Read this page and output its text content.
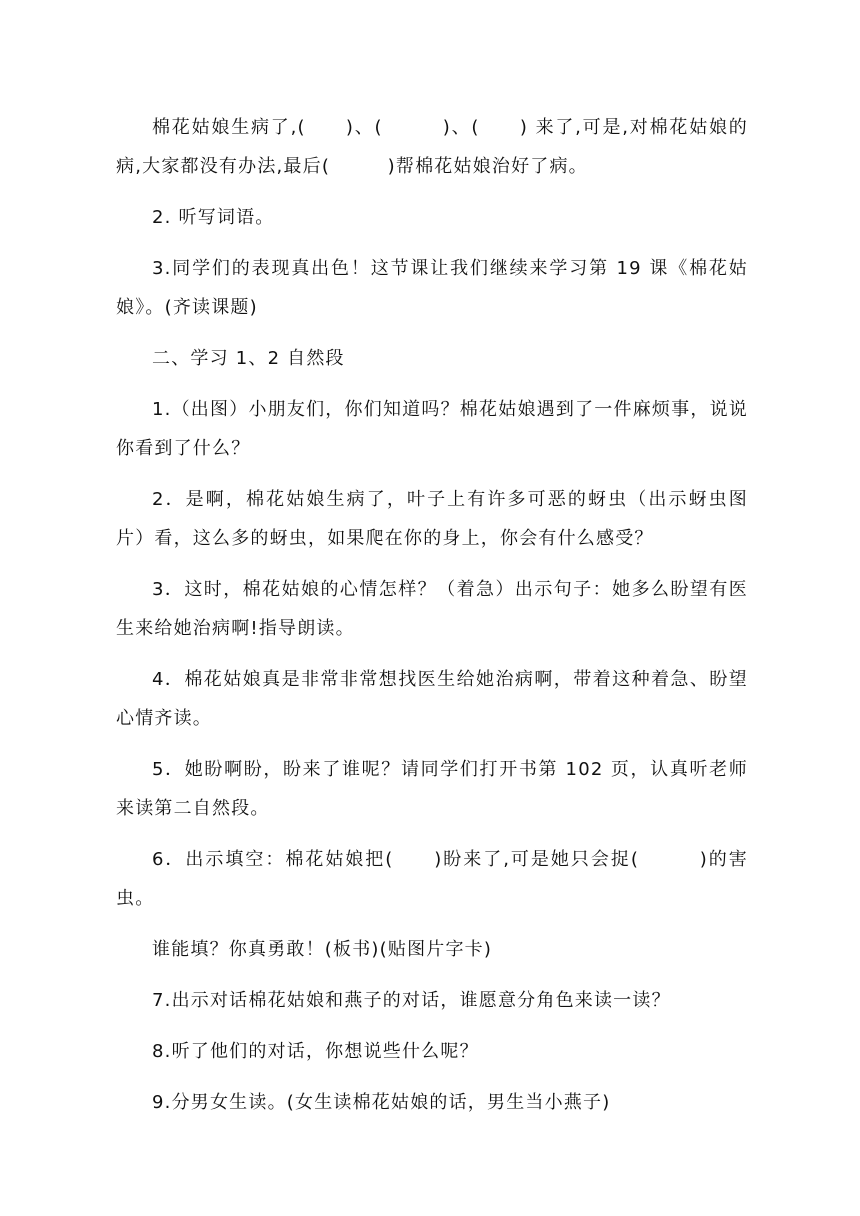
棉花姑娘生病了,(　　)、(　　　)、(　　) 来了,可是,对棉花姑娘的病,大家都没有办法,最后(　　　)帮棉花姑娘治好了病。

2. 听写词语。

3.同学们的表现真出色！这节课让我们继续来学习第 19 课《棉花姑娘》。(齐读课题)

二、学习 1、2 自然段

1.（出图）小朋友们，你们知道吗？棉花姑娘遇到了一件麻烦事，说说你看到了什么？

2．是啊，棉花姑娘生病了，叶子上有许多可恶的蚜虫（出示蚜虫图片）看，这么多的蚜虫，如果爬在你的身上，你会有什么感受？

3．这时，棉花姑娘的心情怎样？（着急）出示句子：她多么盼望有医生来给她治病啊!指导朗读。

4．棉花姑娘真是非常非常想找医生给她治病啊，带着这种着急、盼望心情齐读。

5．她盼啊盼，盼来了谁呢？请同学们打开书第 102 页，认真听老师来读第二自然段。

6．出示填空：棉花姑娘把(　　)盼来了,可是她只会捉(　　　)的害虫。

谁能填？你真勇敢！(板书)(贴图片字卡)

7.出示对话棉花姑娘和燕子的对话，谁愿意分角色来读一读？

8.听了他们的对话，你想说些什么呢？

9.分男女生读。(女生读棉花姑娘的话，男生当小燕子)
